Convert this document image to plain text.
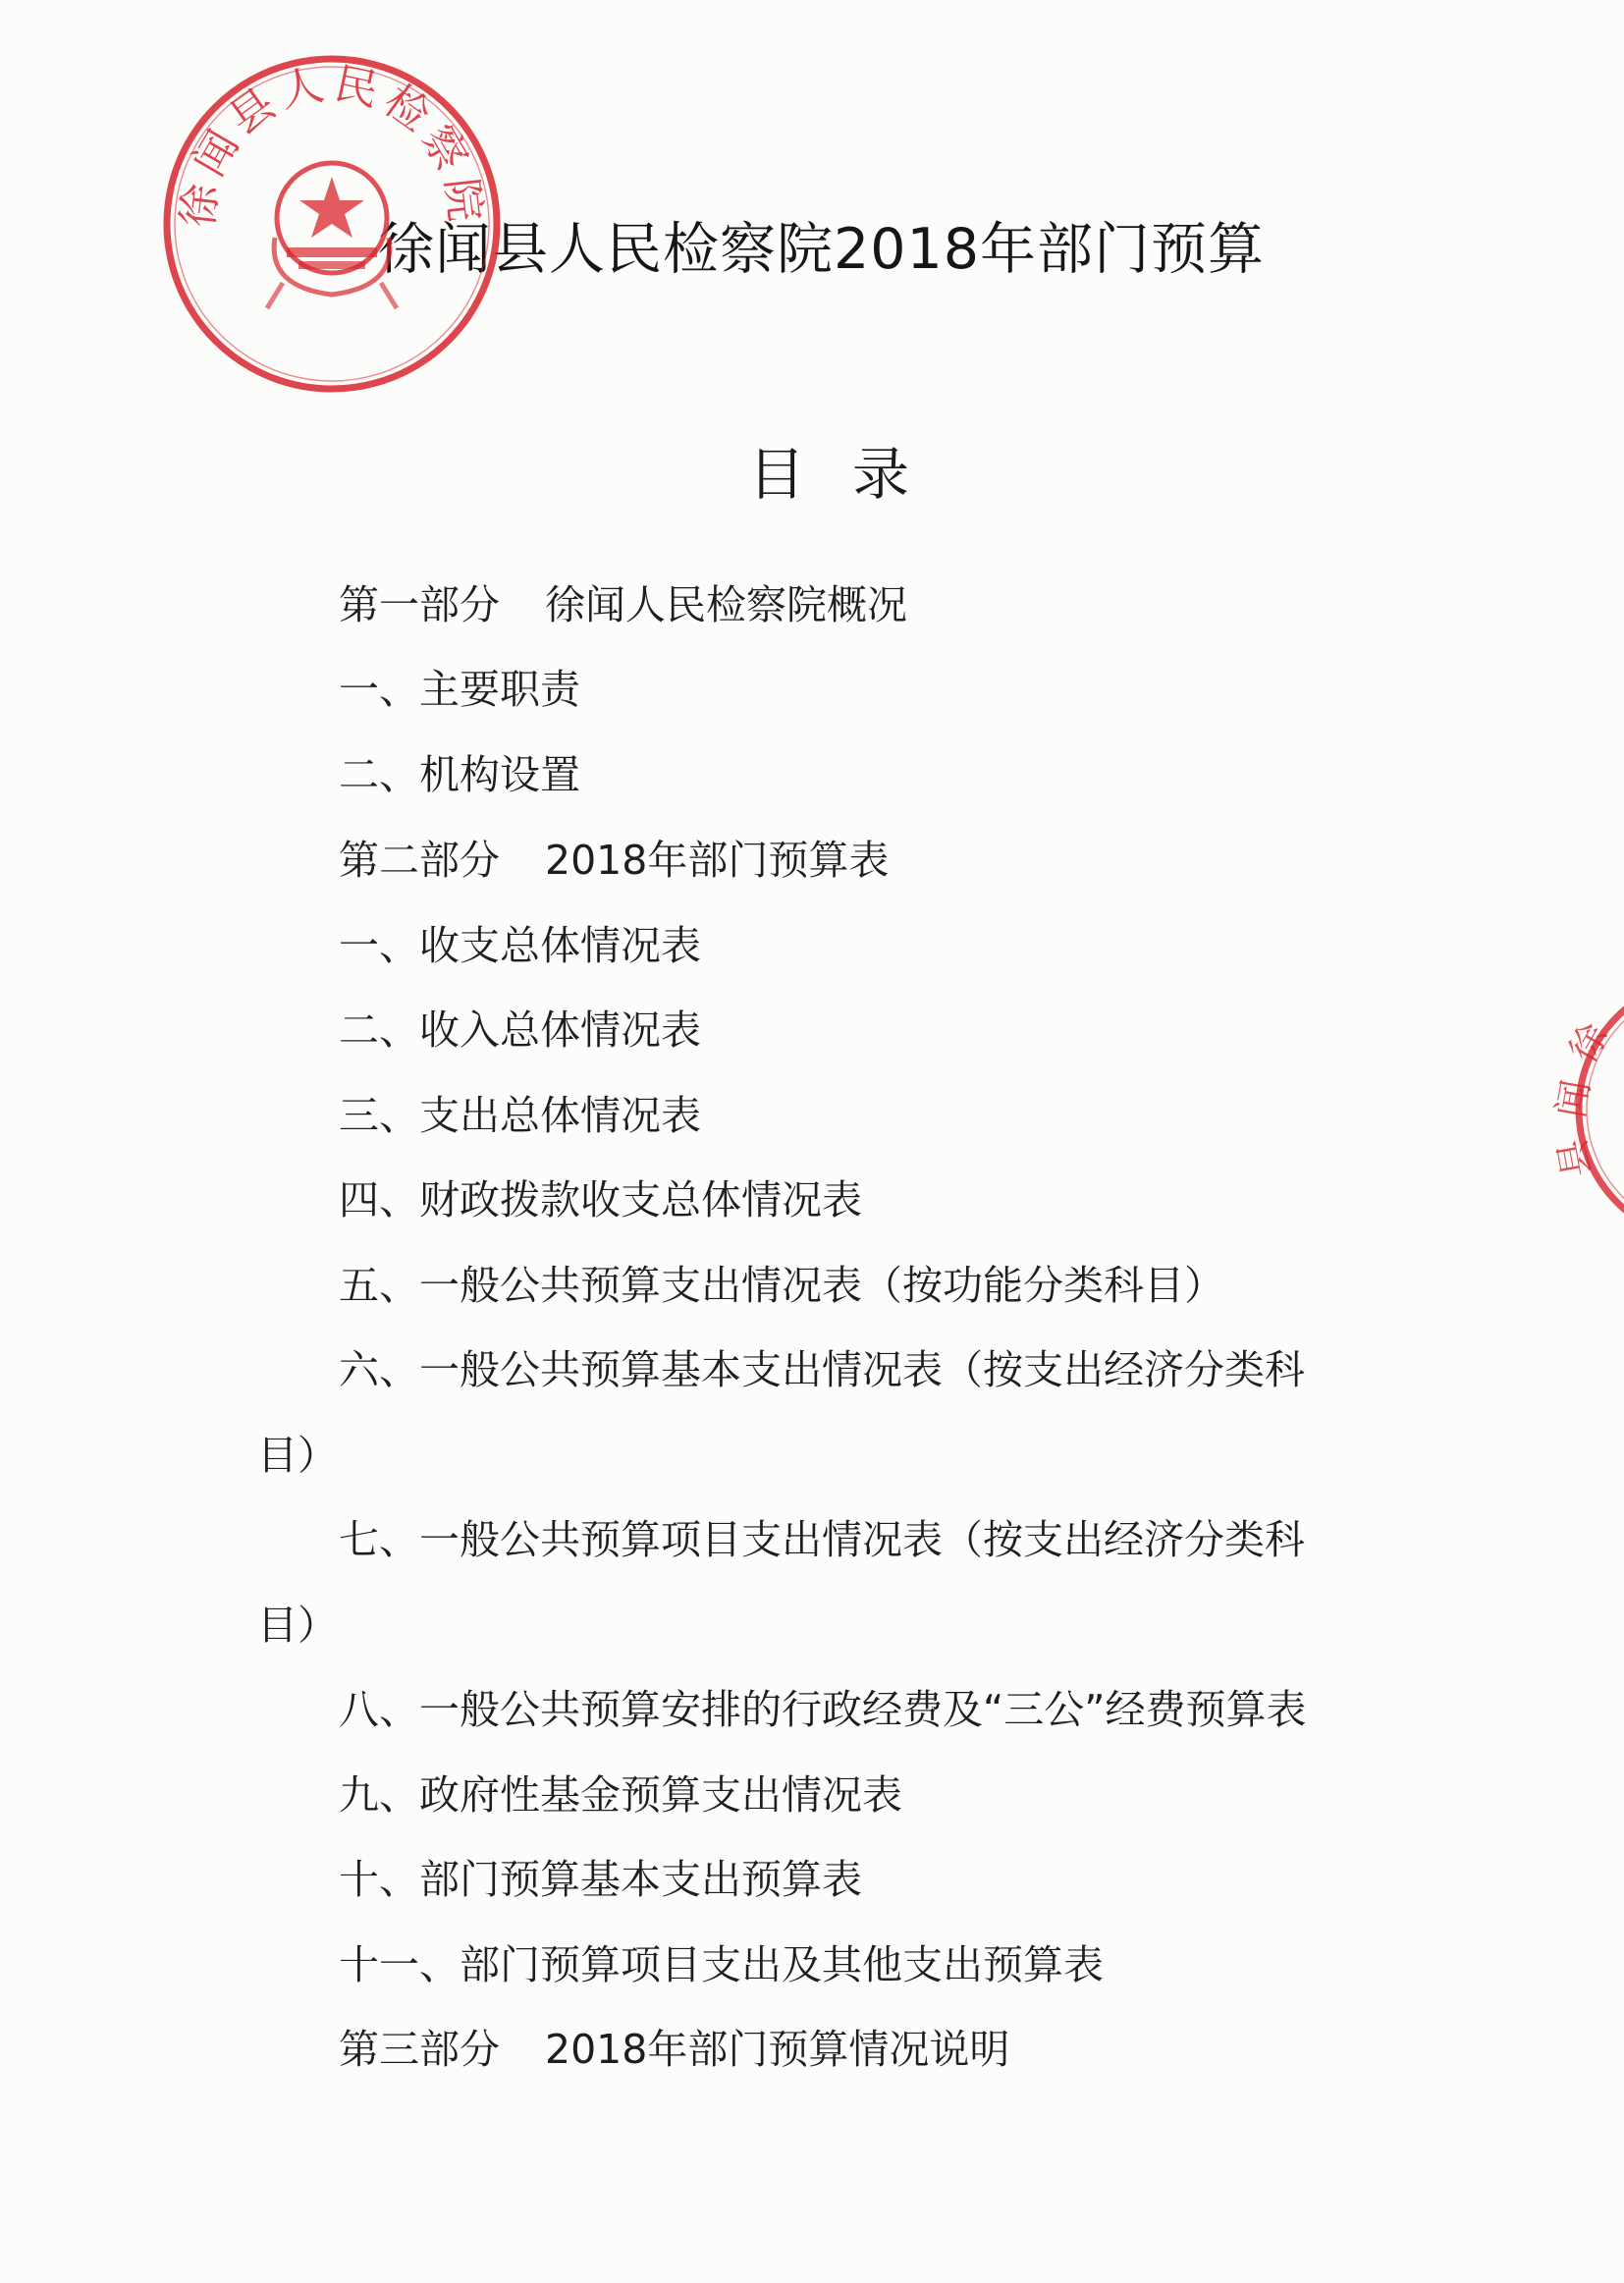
徐闻县人民检察院
徐闻县人民检察院2018年部门预算
目录
第一部分 徐闻人民检察院概况
一、主要职责
二、机构设置
第二部分 2018年部门预算表
一、收支总体情况表
二、收入总体情况表
三、支出总体情况表
四、财政拨款收支总体情况表
五、一般公共预算支出情况表（按功能分类科目）
六、一般公共预算基本支出情况表（按支出经济分类科
目）
七、一般公共预算项目支出情况表（按支出经济分类科
目）
八、一般公共预算安排的行政经费及“三公”经费预算表
九、政府性基金预算支出情况表
十、部门预算基本支出预算表
十一、部门预算项目支出及其他支出预算表
第三部分 2018年部门预算情况说明
徐
闻
县
